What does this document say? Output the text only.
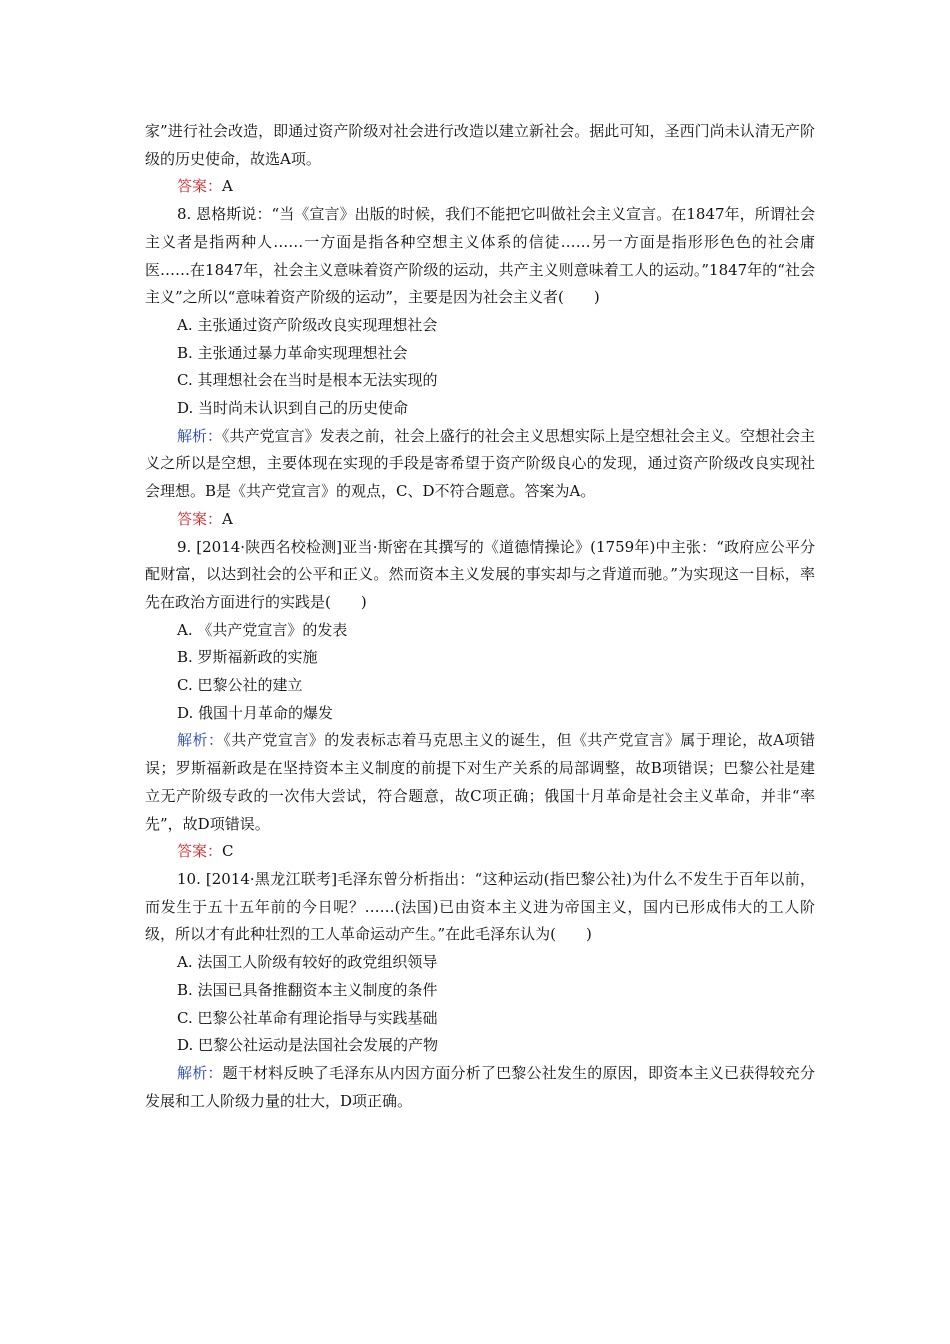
家”进行社会改造，即通过资产阶级对社会进行改造以建立新社会。据此可知，圣西门尚未认清无产阶级的历史使命，故选A项。

答案：A

8. 恩格斯说：“当《宣言》出版的时候，我们不能把它叫做社会主义宣言。在1847年，所谓社会主义者是指两种人……一方面是指各种空想主义体系的信徒……另一方面是指形形色色的社会庸医……在1847年，社会主义意味着资产阶级的运动，共产主义则意味着工人的运动。”1847年的“社会主义”之所以“意味着资产阶级的运动”，主要是因为社会主义者(　　)

A. 主张通过资产阶级改良实现理想社会

B. 主张通过暴力革命实现理想社会

C. 其理想社会在当时是根本无法实现的

D. 当时尚未认识到自己的历史使命

解析：《共产党宣言》发表之前，社会上盛行的社会主义思想实际上是空想社会主义。空想社会主义之所以是空想，主要体现在实现的手段是寄希望于资产阶级良心的发现，通过资产阶级改良实现社会理想。B是《共产党宣言》的观点，C、D不符合题意。答案为A。

答案：A

9. [2014·陕西名校检测]亚当·斯密在其撰写的《道德情操论》(1759年)中主张：“政府应公平分配财富，以达到社会的公平和正义。然而资本主义发展的事实却与之背道而驰。”为实现这一目标，率先在政治方面进行的实践是(　　)

A. 《共产党宣言》的发表

B. 罗斯福新政的实施

C. 巴黎公社的建立

D. 俄国十月革命的爆发

解析：《共产党宣言》的发表标志着马克思主义的诞生，但《共产党宣言》属于理论，故A项错误；罗斯福新政是在坚持资本主义制度的前提下对生产关系的局部调整，故B项错误；巴黎公社是建立无产阶级专政的一次伟大尝试，符合题意，故C项正确；俄国十月革命是社会主义革命，并非“率先”，故D项错误。

答案：C

10. [2014·黑龙江联考]毛泽东曾分析指出：“这种运动(指巴黎公社)为什么不发生于百年以前，而发生于五十五年前的今日呢？……(法国)已由资本主义进为帝国主义，国内已形成伟大的工人阶级，所以才有此种壮烈的工人革命运动产生。”在此毛泽东认为(　　)

A. 法国工人阶级有较好的政党组织领导

B. 法国已具备推翻资本主义制度的条件

C. 巴黎公社革命有理论指导与实践基础

D. 巴黎公社运动是法国社会发展的产物

解析：题干材料反映了毛泽东从内因方面分析了巴黎公社发生的原因，即资本主义已获得较充分发展和工人阶级力量的壮大，D项正确。
